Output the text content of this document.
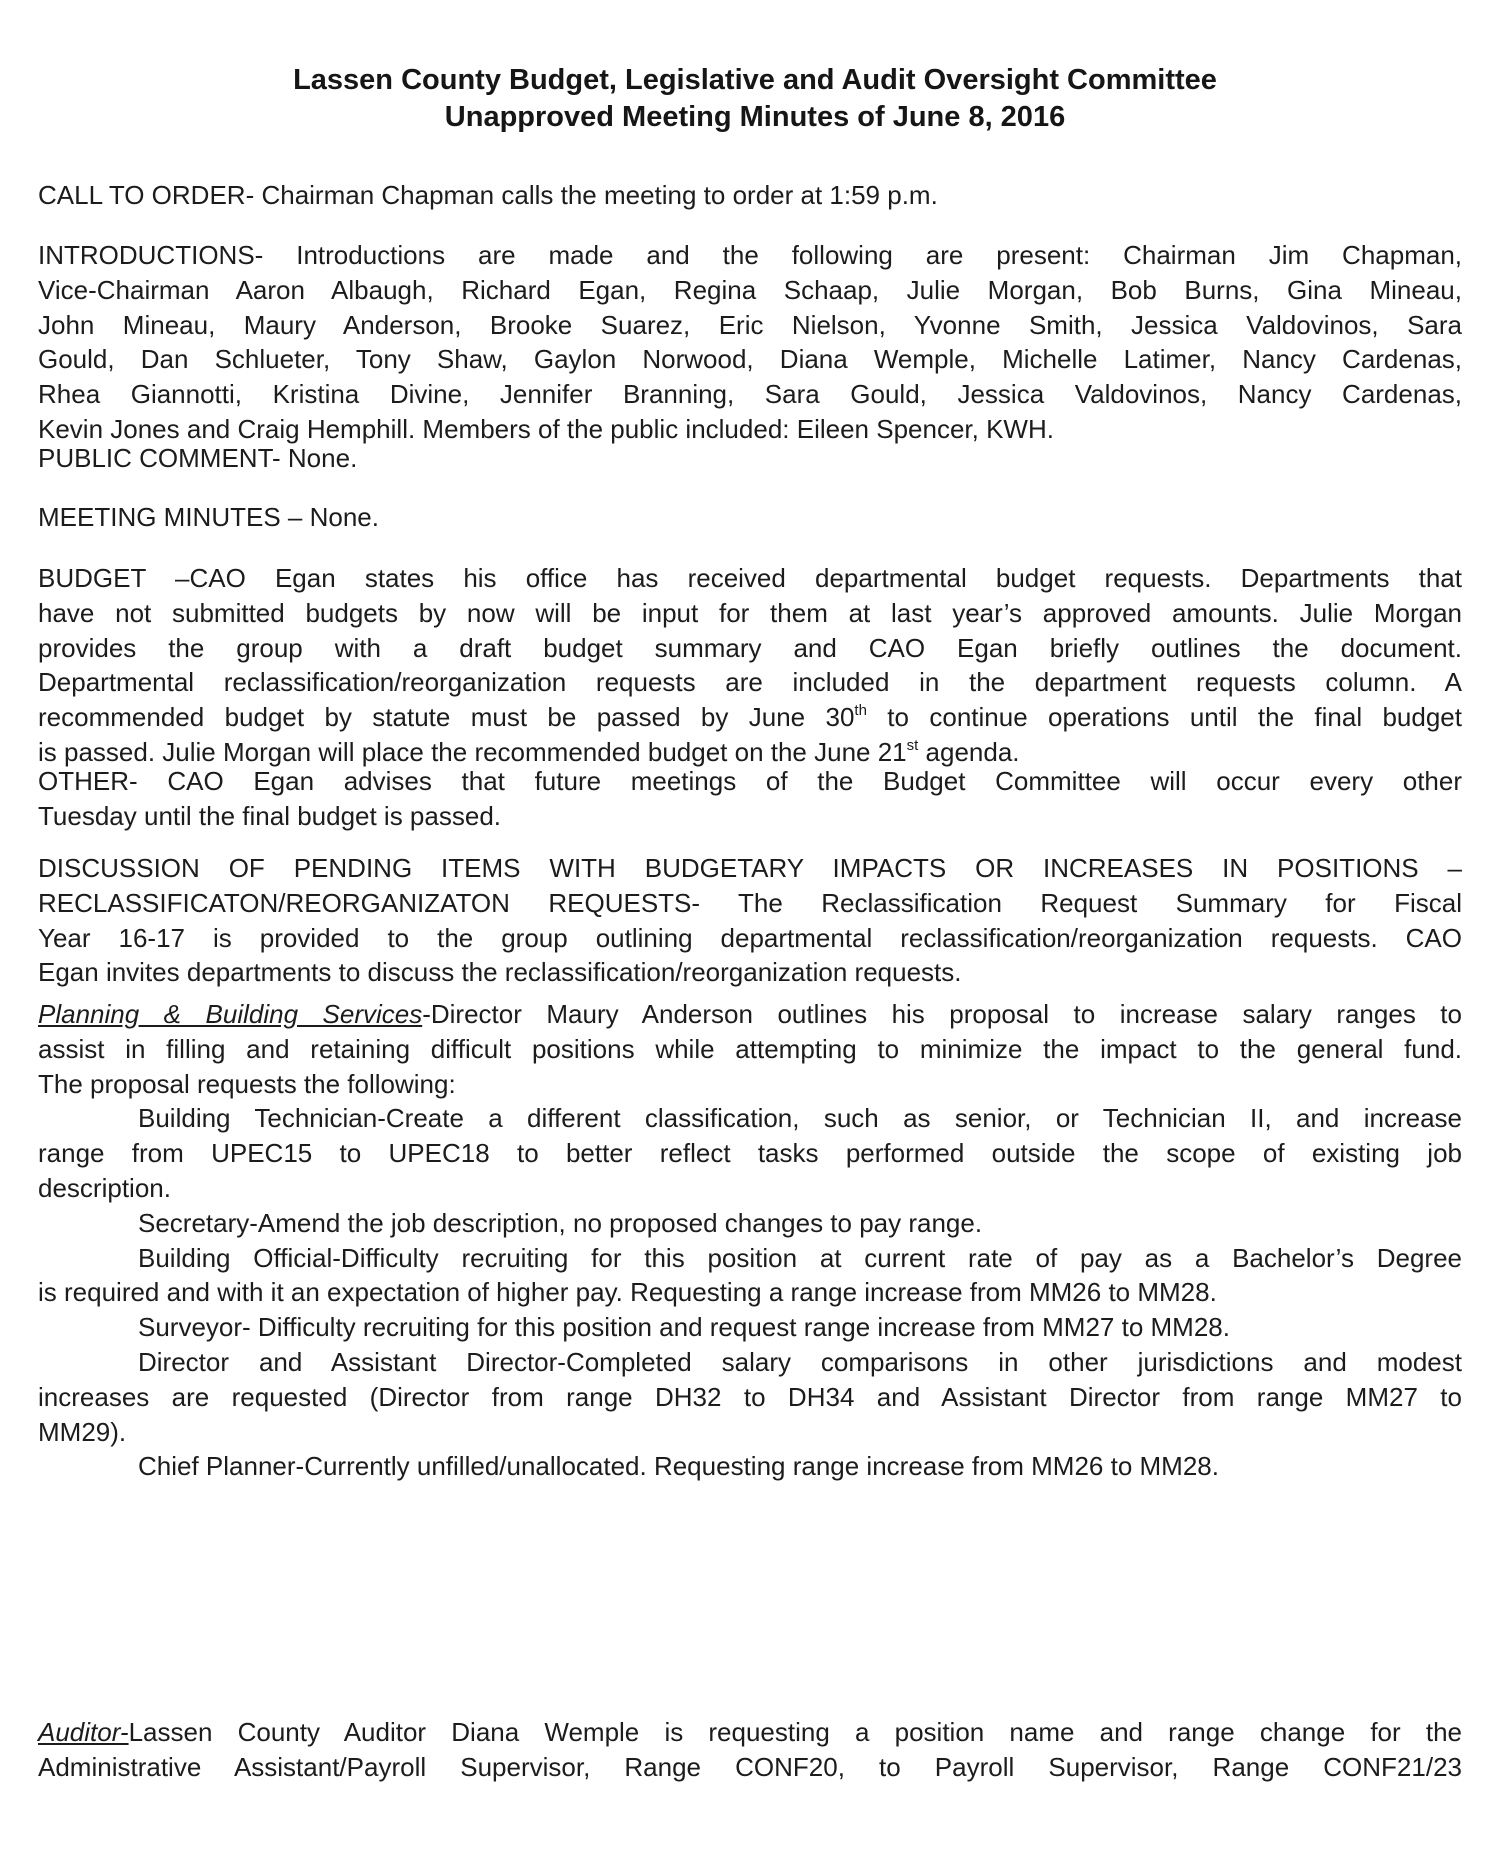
Lassen County Budget, Legislative and Audit Oversight Committee
Unapproved Meeting Minutes of June 8, 2016
CALL TO ORDER- Chairman Chapman calls the meeting to order at 1:59 p.m.
INTRODUCTIONS- Introductions are made and the following are present: Chairman Jim Chapman,
Vice-Chairman Aaron Albaugh, Richard Egan, Regina Schaap, Julie Morgan, Bob Burns, Gina Mineau,
John Mineau, Maury Anderson, Brooke Suarez, Eric Nielson, Yvonne Smith, Jessica Valdovinos, Sara
Gould, Dan Schlueter, Tony Shaw, Gaylon Norwood, Diana Wemple, Michelle Latimer, Nancy Cardenas,
Rhea Giannotti, Kristina Divine, Jennifer Branning, Sara Gould, Jessica Valdovinos, Nancy Cardenas,
Kevin Jones and Craig Hemphill. Members of the public included: Eileen Spencer, KWH.
PUBLIC COMMENT- None.
MEETING MINUTES – None.
BUDGET –CAO Egan states his office has received departmental budget requests. Departments that
have not submitted budgets by now will be input for them at last year’s approved amounts. Julie Morgan
provides the group with a draft budget summary and CAO Egan briefly outlines the document.
Departmental reclassification/reorganization requests are included in the department requests column. A
recommended budget by statute must be passed by June 30th to continue operations until the final budget
is passed. Julie Morgan will place the recommended budget on the June 21st agenda.
OTHER- CAO Egan advises that future meetings of the Budget Committee will occur every other
Tuesday until the final budget is passed.
DISCUSSION OF PENDING ITEMS WITH BUDGETARY IMPACTS OR INCREASES IN POSITIONS –
RECLASSIFICATON/REORGANIZATON REQUESTS- The Reclassification Request Summary for Fiscal
Year 16-17 is provided to the group outlining departmental reclassification/reorganization requests. CAO
Egan invites departments to discuss the reclassification/reorganization requests.
Planning & Building Services-Director Maury Anderson outlines his proposal to increase salary ranges to
assist in filling and retaining difficult positions while attempting to minimize the impact to the general fund.
The proposal requests the following:
Building Technician-Create a different classification, such as senior, or Technician II, and increase
range from UPEC15 to UPEC18 to better reflect tasks performed outside the scope of existing job
description.
Secretary-Amend the job description, no proposed changes to pay range.
Building Official-Difficulty recruiting for this position at current rate of pay as a Bachelor’s Degree
is required and with it an expectation of higher pay. Requesting a range increase from MM26 to MM28.
Surveyor- Difficulty recruiting for this position and request range increase from MM27 to MM28.
Director and Assistant Director-Completed salary comparisons in other jurisdictions and modest
increases are requested (Director from range DH32 to DH34 and Assistant Director from range MM27 to
MM29).
Chief Planner-Currently unfilled/unallocated. Requesting range increase from MM26 to MM28.
Auditor-Lassen County Auditor Diana Wemple is requesting a position name and range change for the
Administrative Assistant/Payroll Supervisor, Range CONF20, to Payroll Supervisor, Range CONF21/23
